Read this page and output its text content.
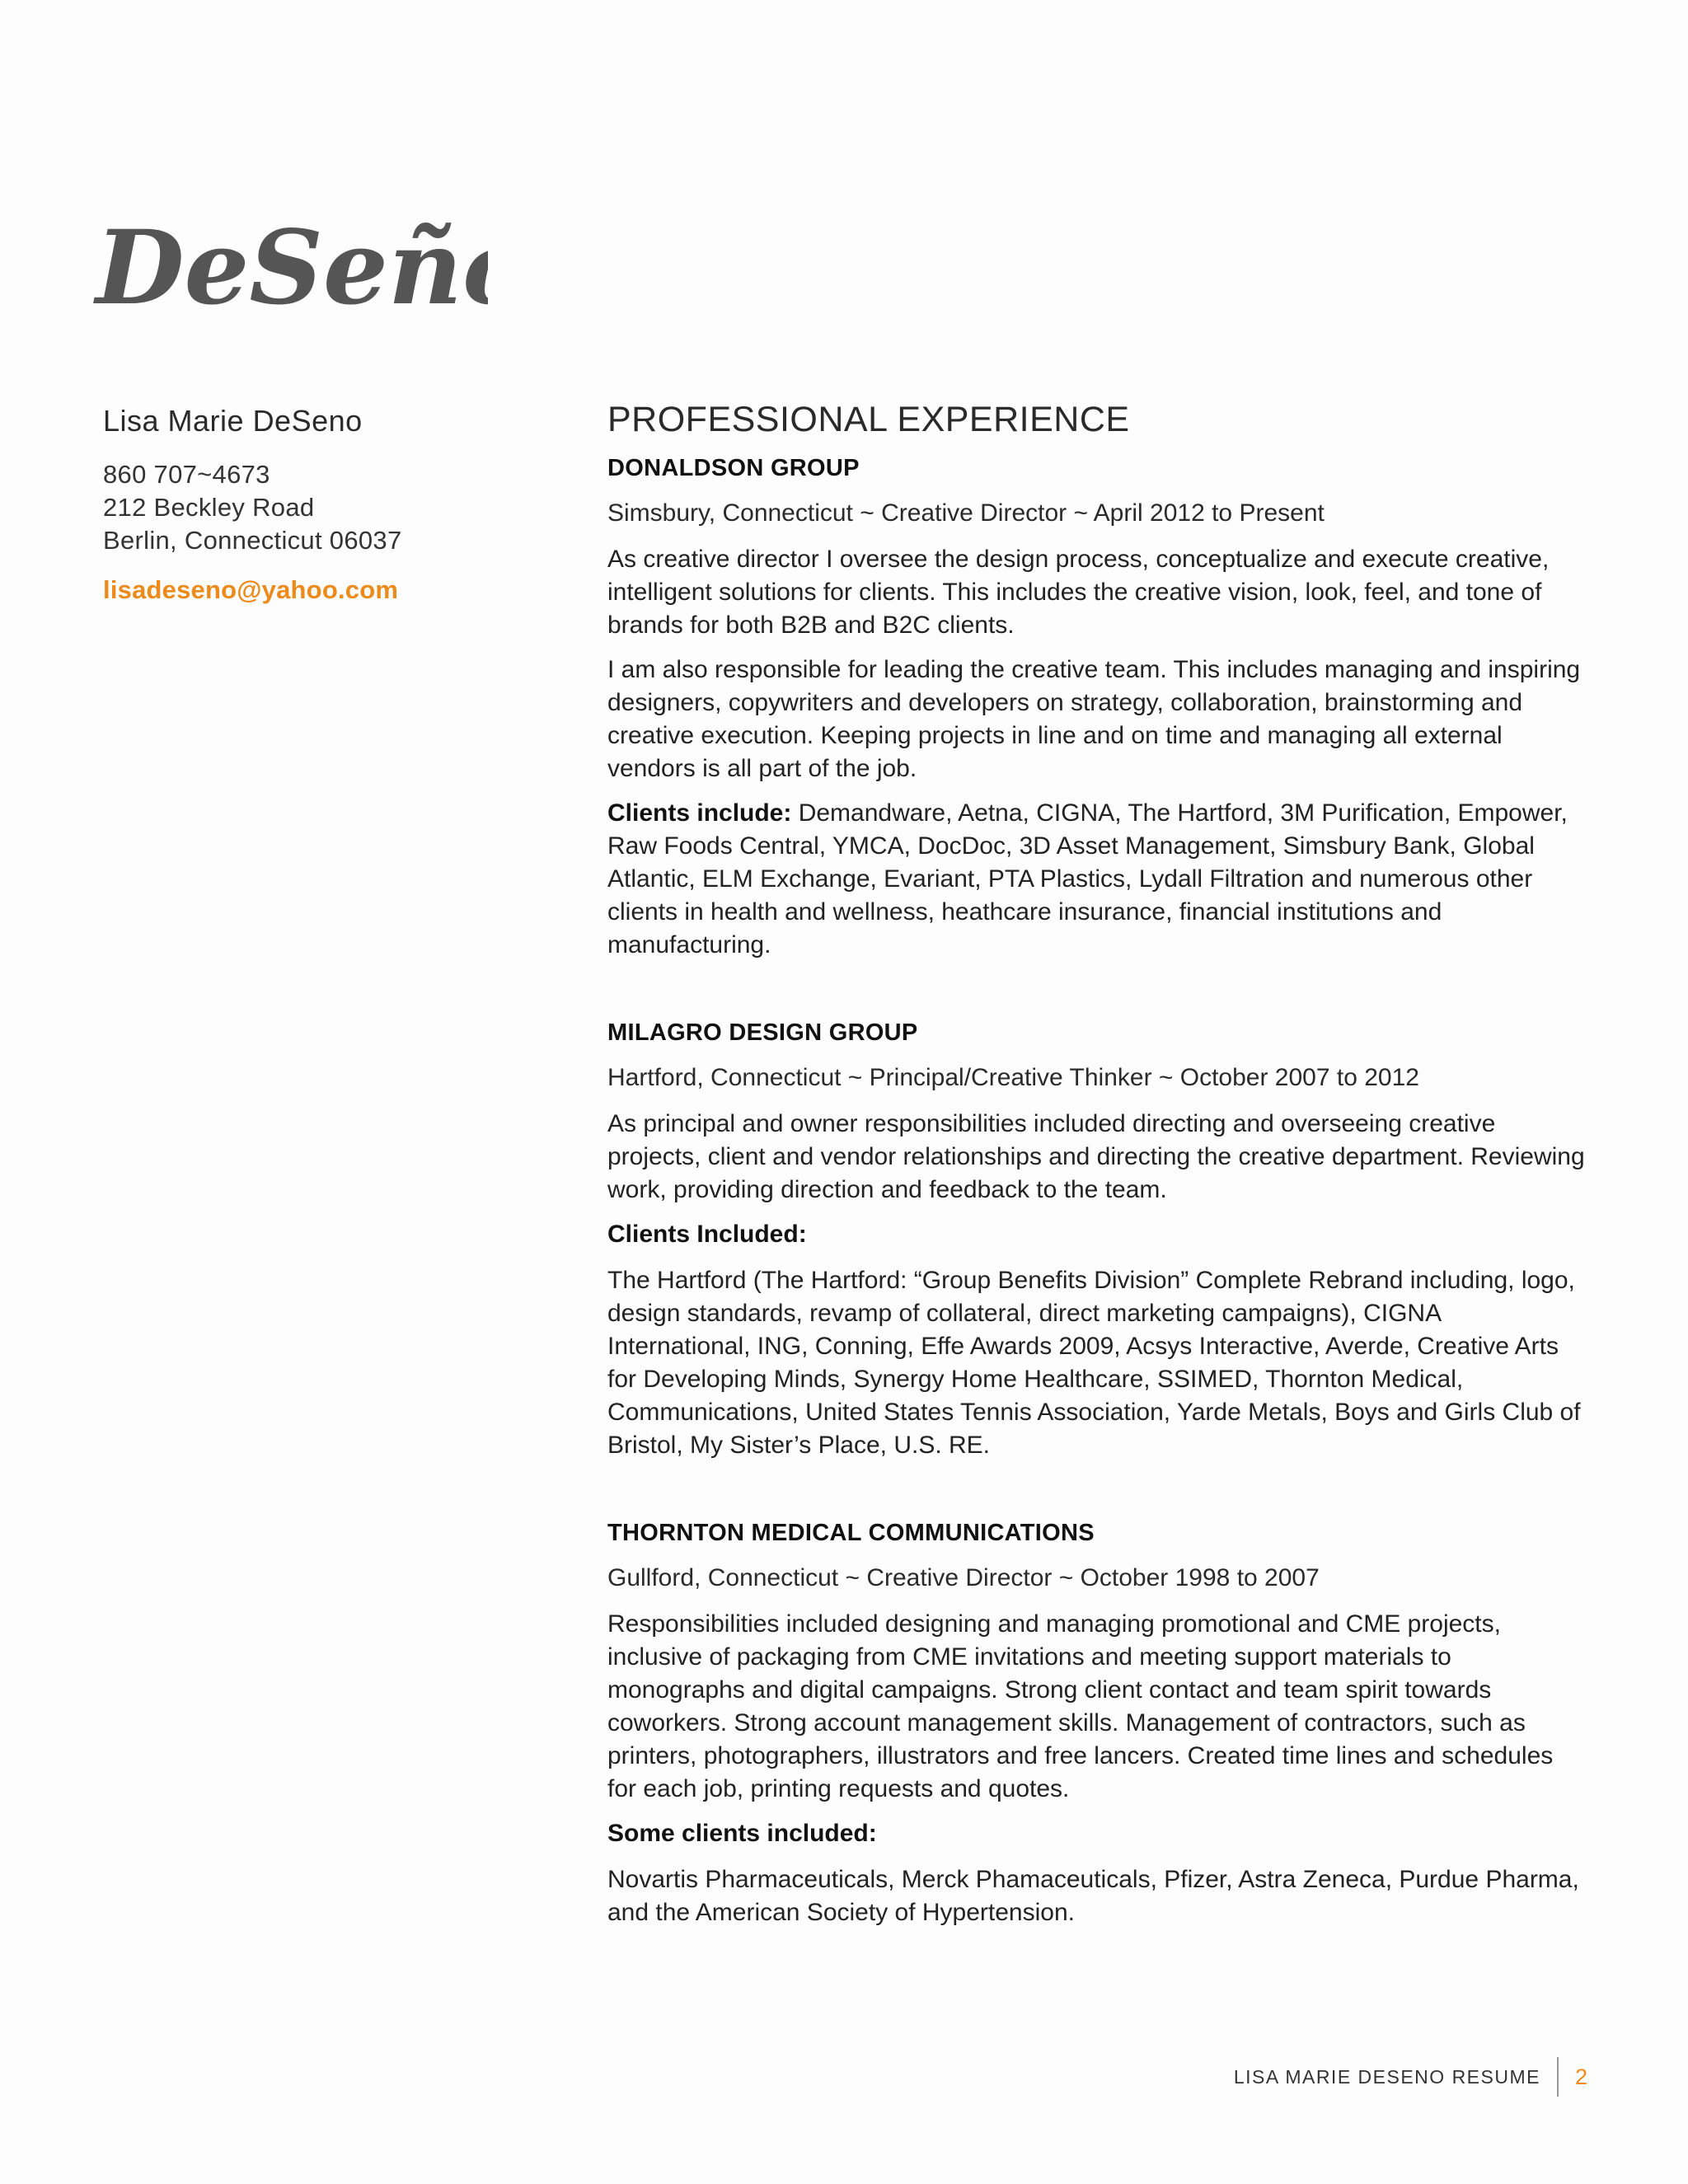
DeSeño
Lisa Marie DeSeno
860 707~4673
212 Beckley Road
Berlin, Connecticut 06037
lisadeseno@yahoo.com
PROFESSIONAL EXPERIENCE
DONALDSON GROUP
Simsbury, Connecticut ~ Creative Director ~ April 2012 to Present

As creative director I oversee the design process, conceptualize and execute creative, intelligent solutions for clients. This includes the creative vision, look, feel, and tone of brands for both B2B and B2C clients.

I am also responsible for leading the creative team. This includes managing and inspiring designers, copywriters and developers on strategy, collaboration, brainstorming and creative execution. Keeping projects in line and on time and managing all external vendors is all part of the job.

Clients include: Demandware, Aetna, CIGNA, The Hartford, 3M Purification, Empower, Raw Foods Central, YMCA, DocDoc, 3D Asset Management, Simsbury Bank, Global Atlantic, ELM Exchange, Evariant, PTA Plastics, Lydall Filtration and numerous other clients in health and wellness, heathcare insurance, financial institutions and manufacturing.

MILAGRO DESIGN GROUP
Hartford, Connecticut ~ Principal/Creative Thinker ~ October 2007 to 2012

As principal and owner responsibilities included directing and overseeing creative projects, client and vendor relationships and directing the creative department. Reviewing work, providing direction and feedback to the team.

Clients Included:

The Hartford (The Hartford: “Group Benefits Division” Complete Rebrand including, logo, design standards, revamp of collateral, direct marketing campaigns), CIGNA International, ING, Conning, Effe Awards 2009, Acsys Interactive, Averde, Creative Arts for Developing Minds, Synergy Home Healthcare, SSIMED, Thornton Medical, Communications, United States Tennis Association, Yarde Metals, Boys and Girls Club of Bristol, My Sister’s Place, U.S. RE.

THORNTON MEDICAL COMMUNICATIONS
Gullford, Connecticut ~ Creative Director ~ October 1998 to 2007

Responsibilities included designing and managing promotional and CME projects, inclusive of packaging from CME invitations and meeting support materials to monographs and digital campaigns. Strong client contact and team spirit towards coworkers. Strong account management skills. Management of contractors, such as printers, photographers, illustrators and free lancers. Created time lines and schedules for each job, printing requests and quotes.

Some clients included:

Novartis Pharmaceuticals, Merck Phamaceuticals, Pfizer, Astra Zeneca, Purdue Pharma, and the American Society of Hypertension.

LISA MARIE DESENO RESUME 2
